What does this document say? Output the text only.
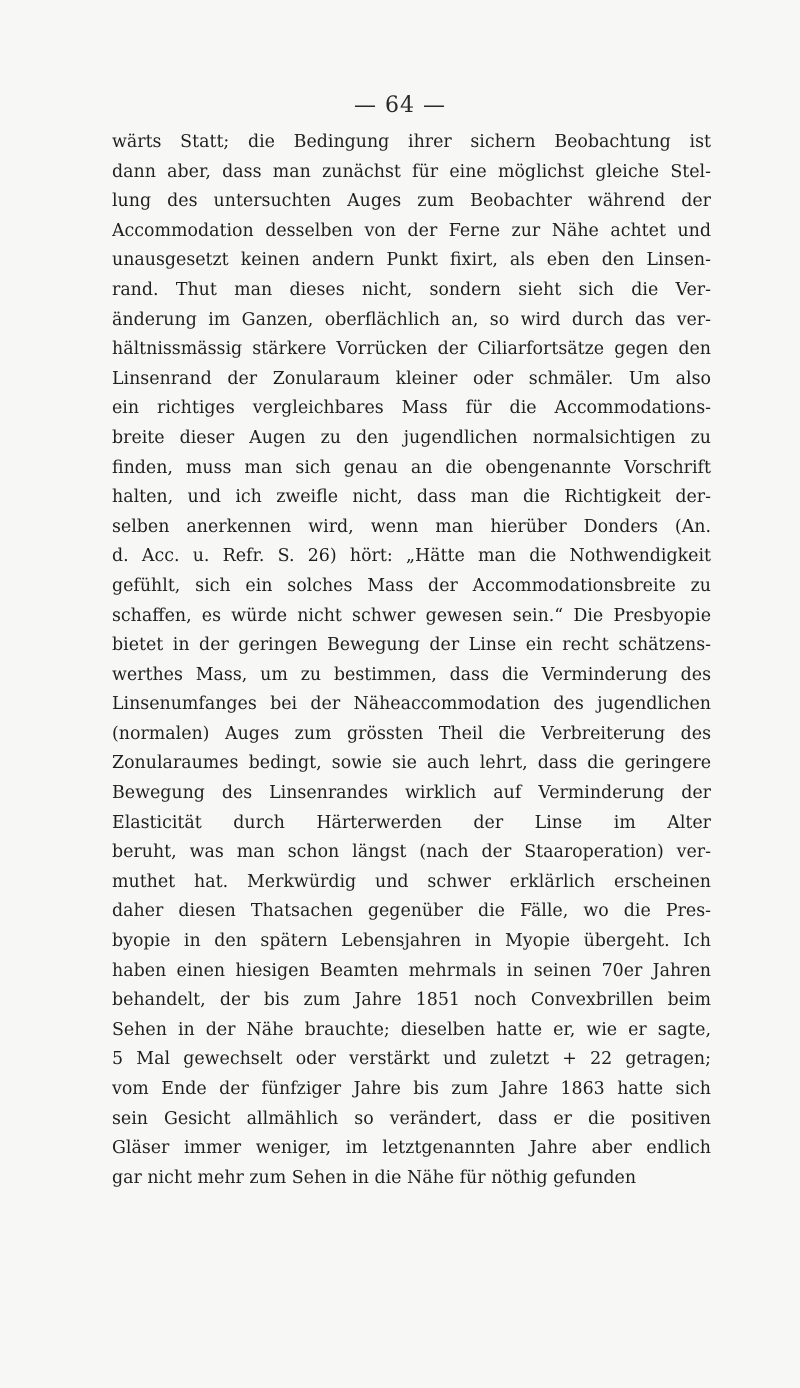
— 64 —
wärts Statt; die Bedingung ihrer sichern Beobachtung ist
dann aber, dass man zunächst für eine möglichst gleiche Stel-
lung des untersuchten Auges zum Beobachter während der
Accommodation desselben von der Ferne zur Nähe achtet und
unausgesetzt keinen andern Punkt fixirt, als eben den Linsen-
rand. Thut man dieses nicht, sondern sieht sich die Ver-
änderung im Ganzen, oberflächlich an, so wird durch das ver-
hältnissmässig stärkere Vorrücken der Ciliarfortsätze gegen den
Linsenrand der Zonularaum kleiner oder schmäler. Um also
ein richtiges vergleichbares Mass für die Accommodations-
breite dieser Augen zu den jugendlichen normalsichtigen zu
finden, muss man sich genau an die obengenannte Vorschrift
halten, und ich zweifle nicht, dass man die Richtigkeit der-
selben anerkennen wird, wenn man hierüber Donders (An.
d. Acc. u. Refr. S. 26) hört: „Hätte man die Nothwendigkeit
gefühlt, sich ein solches Mass der Accommodationsbreite zu
schaffen, es würde nicht schwer gewesen sein.“ Die Presbyopie
bietet in der geringen Bewegung der Linse ein recht schätzens-
werthes Mass, um zu bestimmen, dass die Verminderung des
Linsenumfanges bei der Näheaccommodation des jugendlichen
(normalen) Auges zum grössten Theil die Verbreiterung des
Zonularaumes bedingt, sowie sie auch lehrt, dass die geringere
Bewegung des Linsenrandes wirklich auf Verminderung der
Elasticität durch Härterwerden der Linse im Alter
beruht, was man schon längst (nach der Staaroperation) ver-
muthet hat. Merkwürdig und schwer erklärlich erscheinen
daher diesen Thatsachen gegenüber die Fälle, wo die Pres-
byopie in den spätern Lebensjahren in Myopie übergeht. Ich
haben einen hiesigen Beamten mehrmals in seinen 70er Jahren
behandelt, der bis zum Jahre 1851 noch Convexbrillen beim
Sehen in der Nähe brauchte; dieselben hatte er, wie er sagte,
5 Mal gewechselt oder verstärkt und zuletzt + 22 getragen;
vom Ende der fünfziger Jahre bis zum Jahre 1863 hatte sich
sein Gesicht allmählich so verändert, dass er die positiven
Gläser immer weniger, im letztgenannten Jahre aber endlich
gar nicht mehr zum Sehen in die Nähe für nöthig gefunden
